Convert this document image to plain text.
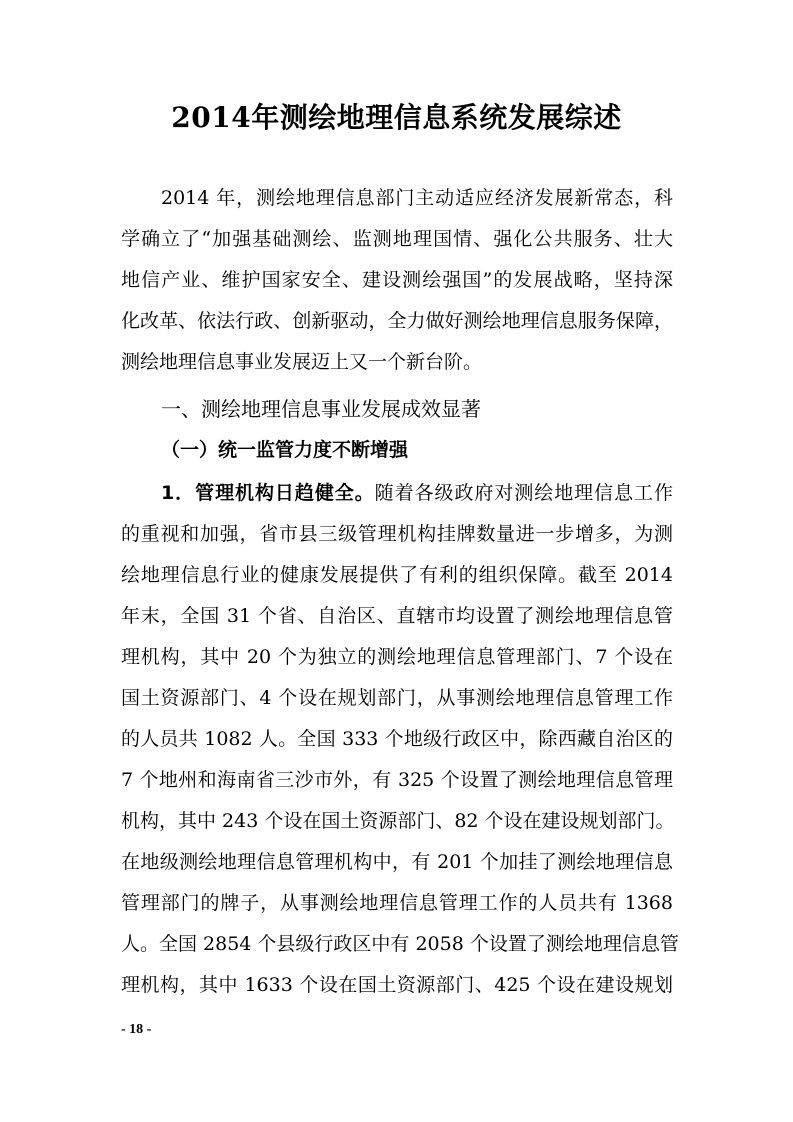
2014年测绘地理信息系统发展综述
2014 年，测绘地理信息部门主动适应经济发展新常态，科
学确立了“加强基础测绘、监测地理国情、强化公共服务、壮大
地信产业、维护国家安全、建设测绘强国”的发展战略，坚持深
化改革、依法行政、创新驱动，全力做好测绘地理信息服务保障，
测绘地理信息事业发展迈上又一个新台阶。
一、测绘地理信息事业发展成效显著
（一）统一监管力度不断增强
1．管理机构日趋健全。随着各级政府对测绘地理信息工作
的重视和加强，省市县三级管理机构挂牌数量进一步增多，为测
绘地理信息行业的健康发展提供了有利的组织保障。截至 2014
年末，全国 31 个省、自治区、直辖市均设置了测绘地理信息管
理机构，其中 20 个为独立的测绘地理信息管理部门、7 个设在
国土资源部门、4 个设在规划部门，从事测绘地理信息管理工作
的人员共 1082 人。全国 333 个地级行政区中，除西藏自治区的
7 个地州和海南省三沙市外，有 325 个设置了测绘地理信息管理
机构，其中 243 个设在国土资源部门、82 个设在建设规划部门。
在地级测绘地理信息管理机构中，有 201 个加挂了测绘地理信息
管理部门的牌子，从事测绘地理信息管理工作的人员共有 1368
人。全国 2854 个县级行政区中有 2058 个设置了测绘地理信息管
理机构，其中 1633 个设在国土资源部门、425 个设在建设规划
- 18 -
